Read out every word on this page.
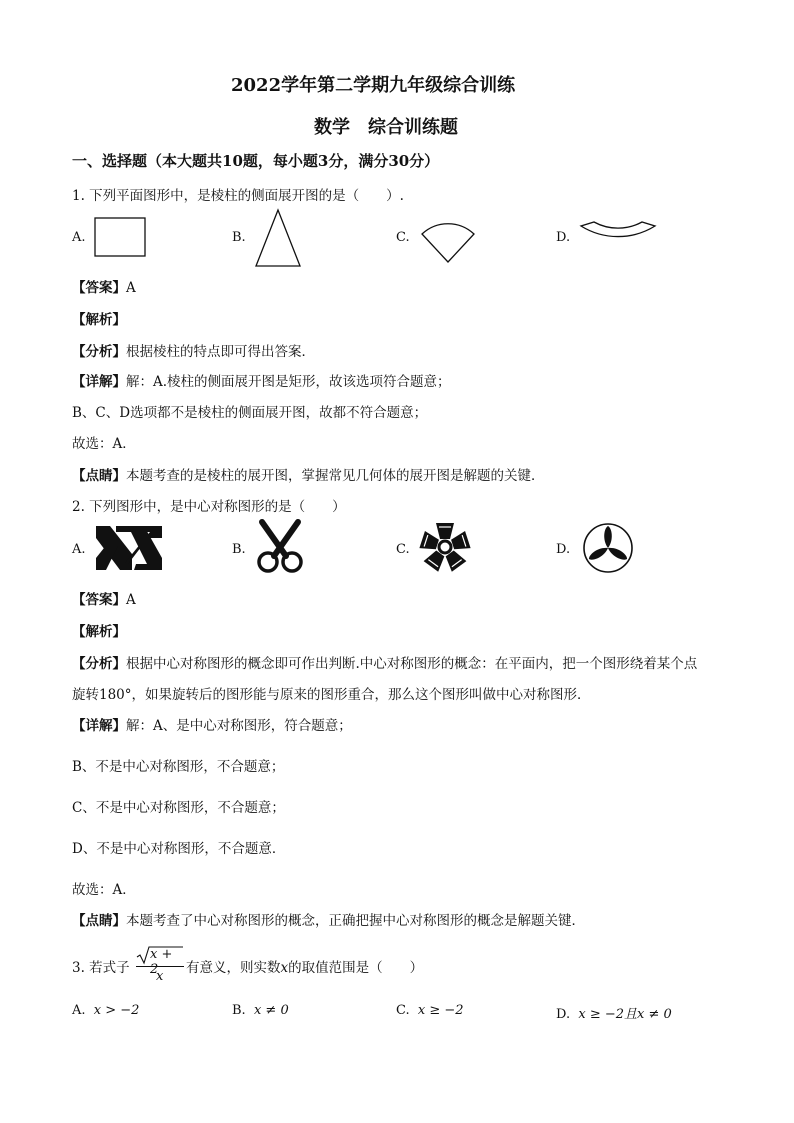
2022学年第二学期九年级综合训练
数学　综合训练题
一、选择题（本大题共10题，每小题3分，满分30分）
1. 下列平面图形中，是棱柱的侧面展开图的是（　　）.
A.	B.	C.	D.
【答案】A
【解析】
【分析】根据棱柱的特点即可得出答案．
【详解】解：A.棱柱的侧面展开图是矩形，故该选项符合题意；
B、C、D选项都不是棱柱的侧面展开图，故都不符合题意；
故选：A．
【点睛】本题考查的是棱柱的展开图，掌握常见几何体的展开图是解题的关键．
2. 下列图形中，是中心对称图形的是（　　）
A.	B.	C.	D.
【答案】A
【解析】
【分析】根据中心对称图形的概念即可作出判断.中心对称图形的概念：在平面内，把一个图形绕着某个点
旋转180°，如果旋转后的图形能与原来的图形重合，那么这个图形叫做中心对称图形．
【详解】解：A、是中心对称图形，符合题意；
B、不是中心对称图形，不合题意；
C、不是中心对称图形，不合题意；
D、不是中心对称图形，不合题意．
故选：A．
【点睛】本题考查了中心对称图形的概念，正确把握中心对称图形的概念是解题关键．
3. 若式子
x + 2
x
有意义，则实数x的取值范围是（　　）
A. x > −2	B. x ≠ 0	C. x ≥ −2	D. x ≥ −2且x ≠ 0
